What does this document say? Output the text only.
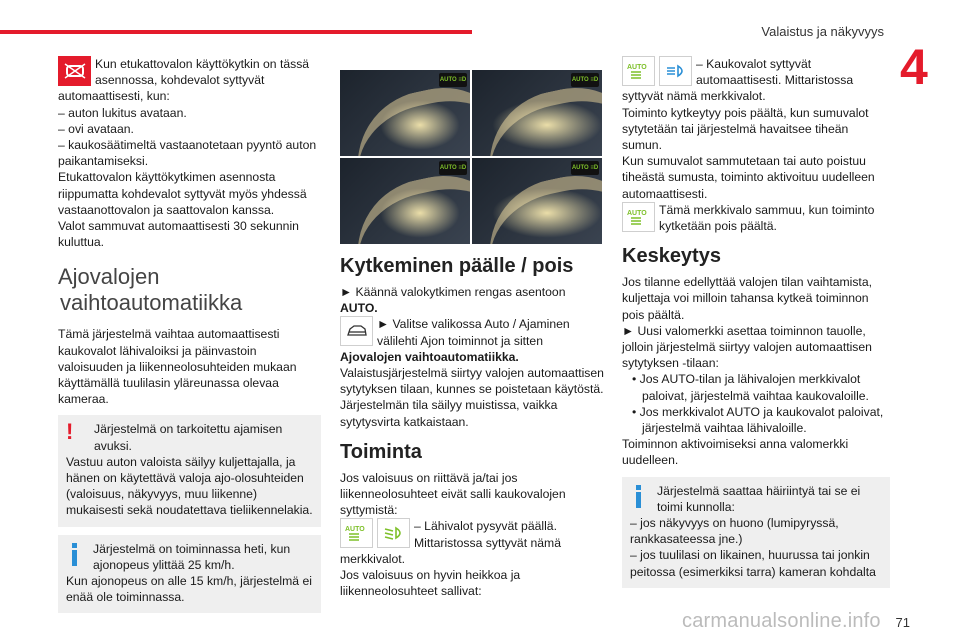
Valaistus ja näkyvyys
4
Kun etukattovalon käyttökytkin on tässä
asennossa, kohdevalot syttyvät
automaattisesti, kun:
– auton lukitus avataan.
– ovi avataan.
– kaukosäätimeltä vastaanotetaan pyyntö auton
paikantamiseksi.
Etukattovalon käyttökytkimen asennosta
riippumatta kohdevalot syttyvät myös yhdessä
vastaanottovalon ja saattovalon kanssa.
Valot sammuvat automaattisesti 30 sekunnin
kuluttua.
Ajovalojen
vaihtoautomatiikka
Tämä järjestelmä vaihtaa automaattisesti
kaukovalot lähivaloiksi ja päinvastoin
valoisuuden ja liikenneolosuhteiden mukaan
käyttämällä tuulilasin yläreunassa olevaa
kameraa.
!	Järjestelmä on tarkoitettu ajamisen
avuksi.
Vastuu auton valoista säilyy kuljettajalla, ja
hänen on käytettävä valoja ajo-olosuhteiden
(valoisuus, näkyvyys, muu liikenne)
mukaisesti sekä noudatettava tieliikennelakia.
Järjestelmä on toiminnassa heti, kun
ajonopeus ylittää 25 km/h.
Kun ajonopeus on alle 15 km/h, järjestelmä ei
enää ole toiminnassa.
AUTO ≡D	AUTO ≡D
AUTO ≡D	AUTO ≡D
Kytkeminen päälle / pois
► Käännä valokytkimen rengas asentoon
AUTO.
► Valitse valikossa Auto / Ajaminen
välilehti Ajon toiminnot ja sitten
Ajovalojen vaihtoautomatiikka.
Valaistusjärjestelmä siirtyy valojen automaattisen
sytytyksen tilaan, kunnes se poistetaan käytöstä.
Järjestelmän tila säilyy muistissa, vaikka
sytytysvirta katkaistaan.
Toiminta
Jos valoisuus on riittävä ja/tai jos
liikenneolosuhteet eivät salli kaukovalojen
syttymistä:
AUTO	– Lähivalot pysyvät päällä.
Mittaristossa syttyvät nämä
merkkivalot.
Jos valoisuus on hyvin heikkoa ja
liikenneolosuhteet sallivat:
AUTO	– Kaukovalot syttyvät
automaattisesti. Mittaristossa
syttyvät nämä merkkivalot.
Toiminto kytkeytyy pois päältä, kun sumuvalot
sytytetään tai järjestelmä havaitsee tiheän
sumun.
Kun sumuvalot sammutetaan tai auto poistuu
tiheästä sumusta, toiminto aktivoituu uudelleen
automaattisesti.
AUTO Tämä merkkivalo sammuu, kun toiminto
kytketään pois päältä.
Keskeytys
Jos tilanne edellyttää valojen tilan vaihtamista,
kuljettaja voi milloin tahansa kytkeä toiminnon
pois päältä.
► Uusi valomerkki asettaa toiminnon tauolle,
jolloin järjestelmä siirtyy valojen automaattisen
sytytyksen -tilaan:
• Jos AUTO-tilan ja lähivalojen merkkivalot
paloivat, järjestelmä vaihtaa kaukovaloille.
• Jos merkkivalot AUTO ja kaukovalot paloivat,
järjestelmä vaihtaa lähivaloille.
Toiminnon aktivoimiseksi anna valomerkki
uudelleen.
Järjestelmä saattaa häiriintyä tai se ei
toimi kunnolla:
– jos näkyvyys on huono (lumipyryssä,
rankkasateessa jne.)
– jos tuulilasi on likainen, huurussa tai jonkin
peitossa (esimerkiksi tarra) kameran kohdalta
carmanualsonline.info 71
